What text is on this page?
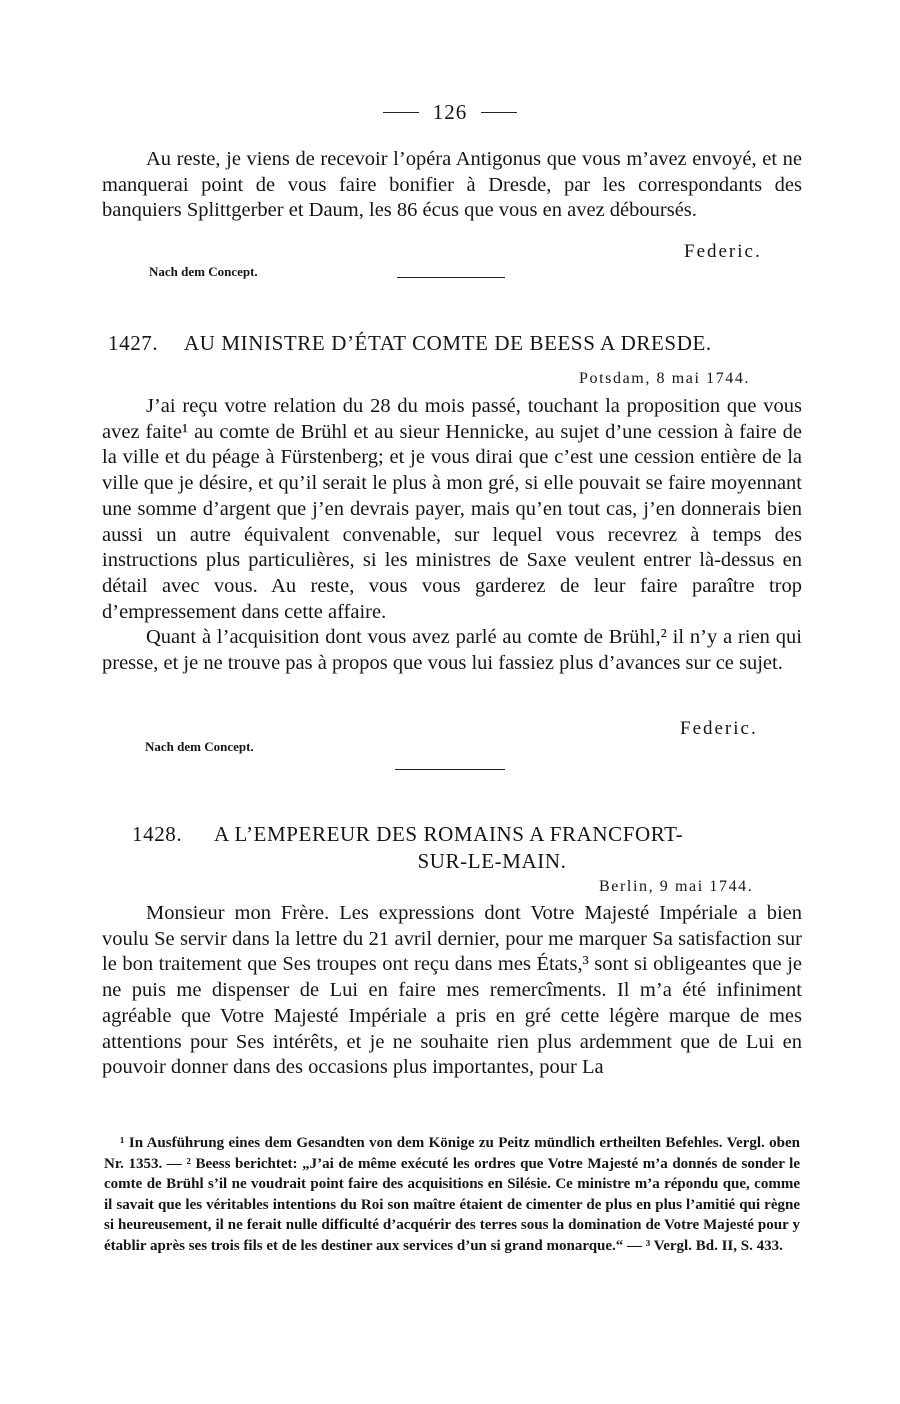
126

Au reste, je viens de recevoir l’opéra Antigonus que vous m’avez envoyé, et ne manquerai point de vous faire bonifier à Dresde, par les correspondants des banquiers Splittgerber et Daum, les 86 écus que vous en avez déboursés.

Federic.
Nach dem Concept.
1427. AU MINISTRE D’ÉTAT COMTE DE BEESS A DRESDE.
Potsdam, 8 mai 1744.

J’ai reçu votre relation du 28 du mois passé, touchant la proposition que vous avez faite¹ au comte de Brühl et au sieur Hennicke, au sujet d’une cession à faire de la ville et du péage à Fürstenberg; et je vous dirai que c’est une cession entière de la ville que je désire, et qu’il serait le plus à mon gré, si elle pouvait se faire moyennant une somme d’argent que j’en devrais payer, mais qu’en tout cas, j’en donnerais bien aussi un autre équivalent convenable, sur lequel vous recevrez à temps des instructions plus particulières, si les ministres de Saxe veulent entrer là-dessus en détail avec vous. Au reste, vous vous garderez de leur faire paraître trop d’empressement dans cette affaire.
Quant à l’acquisition dont vous avez parlé au comte de Brühl,² il n’y a rien qui presse, et je ne trouve pas à propos que vous lui fassiez plus d’avances sur ce sujet.

Federic.
Nach dem Concept.
1428. A L’EMPEREUR DES ROMAINS A FRANCFORT-
SUR-LE-MAIN.
Berlin, 9 mai 1744.

Monsieur mon Frère. Les expressions dont Votre Majesté Impériale a bien voulu Se servir dans la lettre du 21 avril dernier, pour me marquer Sa satisfaction sur le bon traitement que Ses troupes ont reçu dans mes États,³ sont si obligeantes que je ne puis me dispenser de Lui en faire mes remercîments. Il m’a été infiniment agréable que Votre Majesté Impériale a pris en gré cette légère marque de mes attentions pour Ses intérêts, et je ne souhaite rien plus ardemment que de Lui en pouvoir donner dans des occasions plus importantes, pour La

¹ In Ausführung eines dem Gesandten von dem Könige zu Peitz mündlich ertheilten Befehles. Vergl. oben Nr. 1353. — ² Beess berichtet: „J’ai de même exécuté les ordres que Votre Majesté m’a donnés de sonder le comte de Brühl s’il ne voudrait point faire des acquisitions en Silésie. Ce ministre m’a répondu que, comme il savait que les véritables intentions du Roi son maître étaient de cimenter de plus en plus l’amitié qui règne si heureusement, il ne ferait nulle difficulté d’acquérir des terres sous la domination de Votre Majesté pour y établir après ses trois fils et de les destiner aux services d’un si grand monarque.“ — ³ Vergl. Bd. II, S. 433.
